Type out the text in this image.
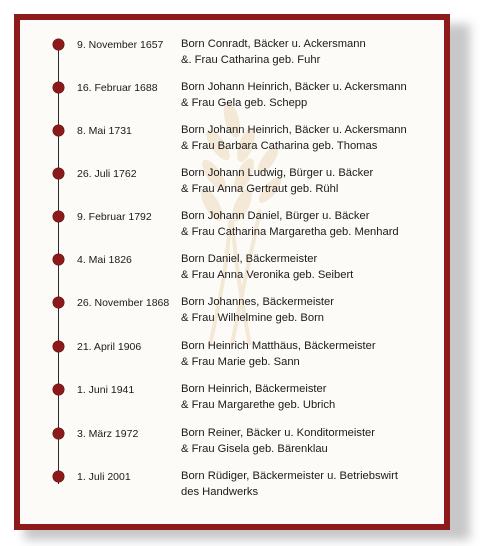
9. November 1657 Born Conradt, Bäcker u. Ackersmann
&. Frau Catharina geb. Fuhr
16. Februar 1688 Born Johann Heinrich, Bäcker u. Ackersmann
& Frau Gela geb. Schepp
8. Mai 1731	Born Johann Heinrich, Bäcker u. Ackersmann
& Frau Barbara Catharina geb. Thomas
26. Juli 1762	Born Johann Ludwig, Bürger u. Bäcker
& Frau Anna Gertraut geb. Rühl
9. Februar 1792	Born Johann Daniel, Bürger u. Bäcker
& Frau Catharina Margaretha geb. Menhard
4. Mai 1826	Born Daniel, Bäckermeister
& Frau Anna Veronika geb. Seibert
26. November 1868 Born Johannes, Bäckermeister
& Frau Wilhelmine geb. Born
21. April 1906	Born Heinrich Matthäus, Bäckermeister
& Frau Marie geb. Sann
1. Juni 1941	Born Heinrich, Bäckermeister
& Frau Margarethe geb. Ubrich
3. März 1972	Born Reiner, Bäcker u. Konditormeister
& Frau Gisela geb. Bärenklau
1. Juli 2001	Born Rüdiger, Bäckermeister u. Betriebswirt
des Handwerks
